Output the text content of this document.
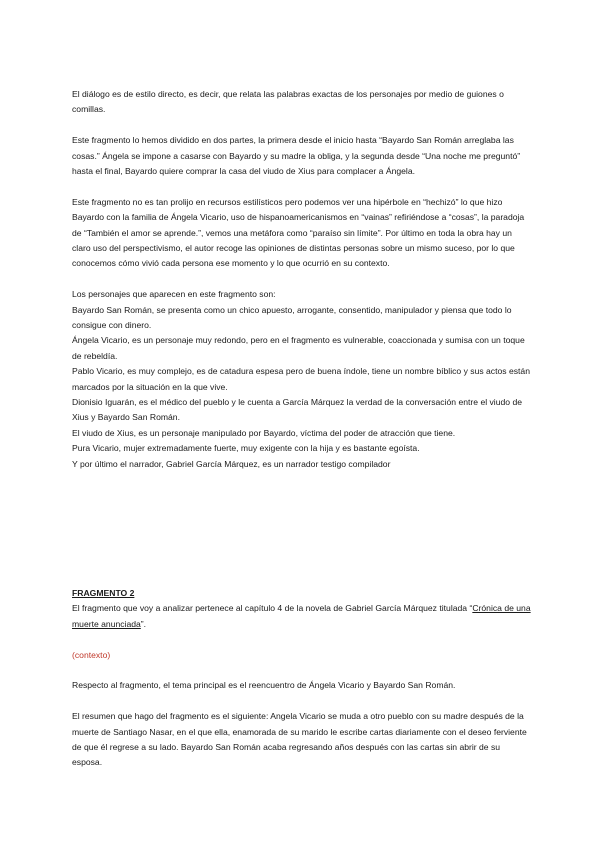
El diálogo es de estilo directo, es decir, que relata las palabras exactas de los personajes por medio de guiones o comillas.

Este fragmento lo hemos dividido en dos partes, la primera desde el inicio hasta “Bayardo San Román arreglaba las cosas.” Ángela se impone a casarse con Bayardo y su madre la obliga, y la segunda desde “Una noche me preguntó” hasta el final, Bayardo quiere comprar la casa del viudo de Xius para complacer a Ángela.

Este fragmento no es tan prolijo en recursos estilísticos pero podemos ver una hipérbole en “hechizó” lo que hizo Bayardo con la familia de Ángela Vicario, uso de hispanoamericanismos en “vainas” refiriéndose a “cosas”, la paradoja de “También el amor se aprende.”, vemos una metáfora como “paraíso sin límite”. Por último en toda la obra hay un claro uso del perspectivismo, el autor recoge las opiniones de distintas personas sobre un mismo suceso, por lo que conocemos cómo vivió cada persona ese momento y lo que ocurrió en su contexto.

Los personajes que aparecen en este fragmento son:

Bayardo San Román, se presenta como un chico apuesto, arrogante, consentido, manipulador y piensa que todo lo consigue con dinero.

Ángela Vicario, es un personaje muy redondo, pero en el fragmento es vulnerable, coaccionada y sumisa con un toque de rebeldía.

Pablo Vicario, es muy complejo, es de catadura espesa pero de buena índole, tiene un nombre bíblico y sus actos están marcados por la situación en la que vive.

Dionisio Iguarán, es el médico del pueblo y le cuenta a García Márquez la verdad de la conversación entre el viudo de Xius y Bayardo San Román.

El viudo de Xius, es un personaje manipulado por Bayardo, víctima del poder de atracción que tiene.

Pura Vicario, mujer extremadamente fuerte, muy exigente con la hija y es bastante egoísta.

Y por último el narrador, Gabriel García Márquez, es un narrador testigo compilador

FRAGMENTO 2

El fragmento que voy a analizar pertenece al capítulo 4 de la novela de Gabriel García Márquez titulada “Crónica de una muerte anunciada”.

(contexto)

Respecto al fragmento, el tema principal es el reencuentro de Ángela Vicario y Bayardo San Román.

El resumen que hago del fragmento es el siguiente: Angela Vicario se muda a otro pueblo con su madre después de la muerte de Santiago Nasar, en el que ella, enamorada de su marido le escribe cartas diariamente con el deseo ferviente de que él regrese a su lado. Bayardo San Román acaba regresando años después con las cartas sin abrir de su esposa.
